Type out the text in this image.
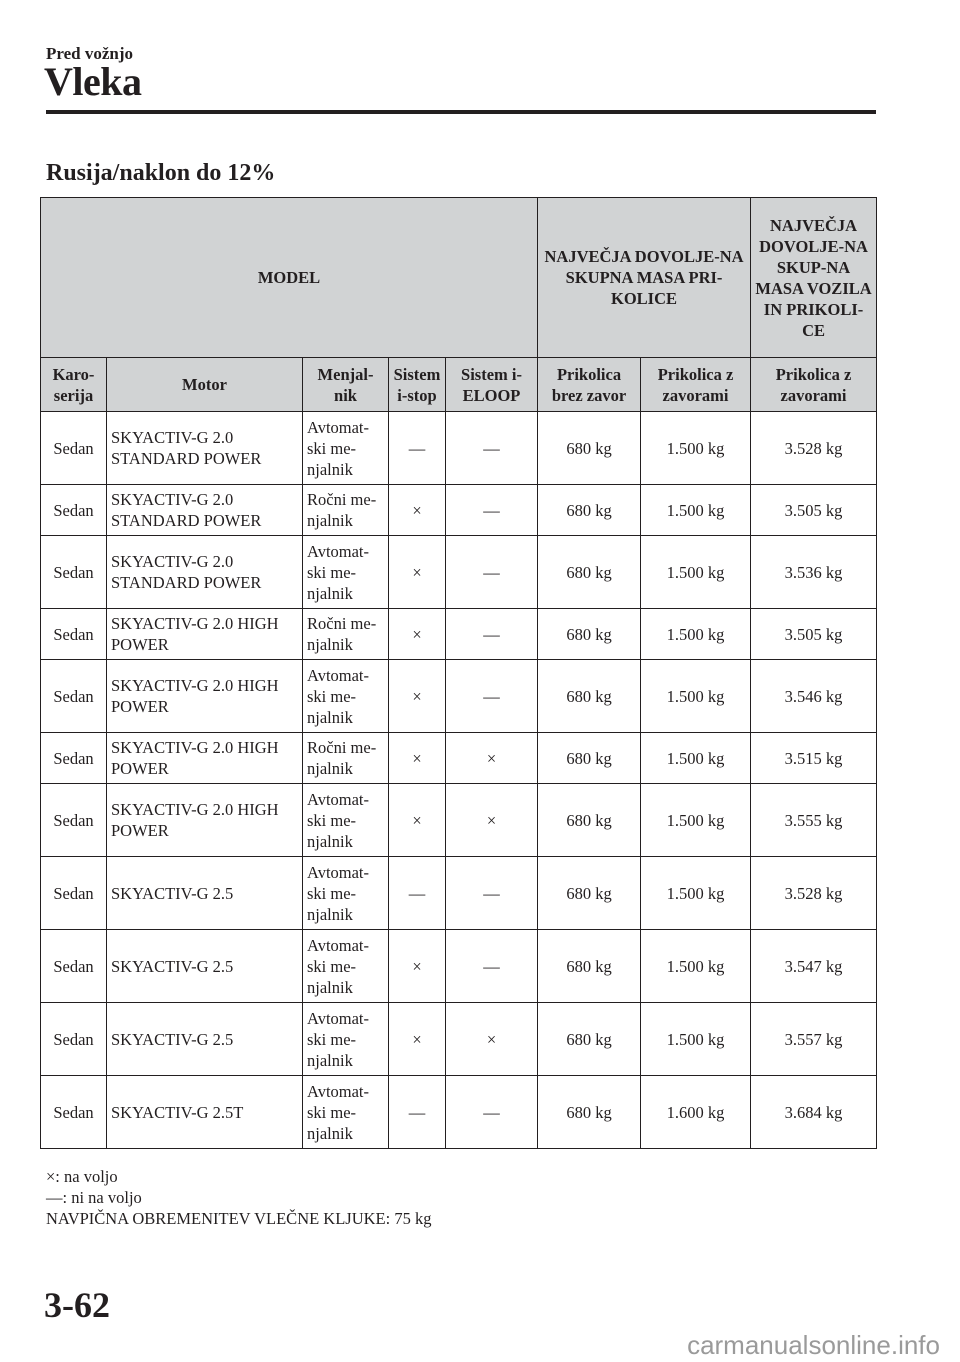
Pred vožnjo
Vleka
Rusija/naklon do 12%
MODEL					NAJVEČJA DOVOLJE-NA SKUPNA MASA PRI-KOLICE		NAJVEČJA DOVOLJE-NA SKUP-NA MASA VOZILA IN PRIKOLI-CE
Karo-serija	Motor	Menjal-nik	Sistem i-stop	Sistem i-ELOOP	Prikolica brez zavor	Prikolica z zavorami	Prikolica z zavorami
Sedan	SKYACTIV-G 2.0 STANDARD POWER	Avtomat-ski me-njalnik	—	—	680 kg	1.500 kg	3.528 kg
Sedan	SKYACTIV-G 2.0 STANDARD POWER	Ročni me-njalnik	×	—	680 kg	1.500 kg	3.505 kg
Sedan	SKYACTIV-G 2.0 STANDARD POWER	Avtomat-ski me-njalnik	×	—	680 kg	1.500 kg	3.536 kg
Sedan	SKYACTIV-G 2.0 HIGH POWER	Ročni me-njalnik	×	—	680 kg	1.500 kg	3.505 kg
Sedan	SKYACTIV-G 2.0 HIGH POWER	Avtomat-ski me-njalnik	×	—	680 kg	1.500 kg	3.546 kg
Sedan	SKYACTIV-G 2.0 HIGH POWER	Ročni me-njalnik	×	×	680 kg	1.500 kg	3.515 kg
Sedan	SKYACTIV-G 2.0 HIGH POWER	Avtomat-ski me-njalnik	×	×	680 kg	1.500 kg	3.555 kg
Sedan	SKYACTIV-G 2.5	Avtomat-ski me-njalnik	—	—	680 kg	1.500 kg	3.528 kg
Sedan	SKYACTIV-G 2.5	Avtomat-ski me-njalnik	×	—	680 kg	1.500 kg	3.547 kg
Sedan	SKYACTIV-G 2.5	Avtomat-ski me-njalnik	×	×	680 kg	1.500 kg	3.557 kg
Sedan	SKYACTIV-G 2.5T	Avtomat-ski me-njalnik	—	—	680 kg	1.600 kg	3.684 kg
×: na voljo
—: ni na voljo
NAVPIČNA OBREMENITEV VLEČNE KLJUKE: 75 kg
3-62
carmanualsonline.info
